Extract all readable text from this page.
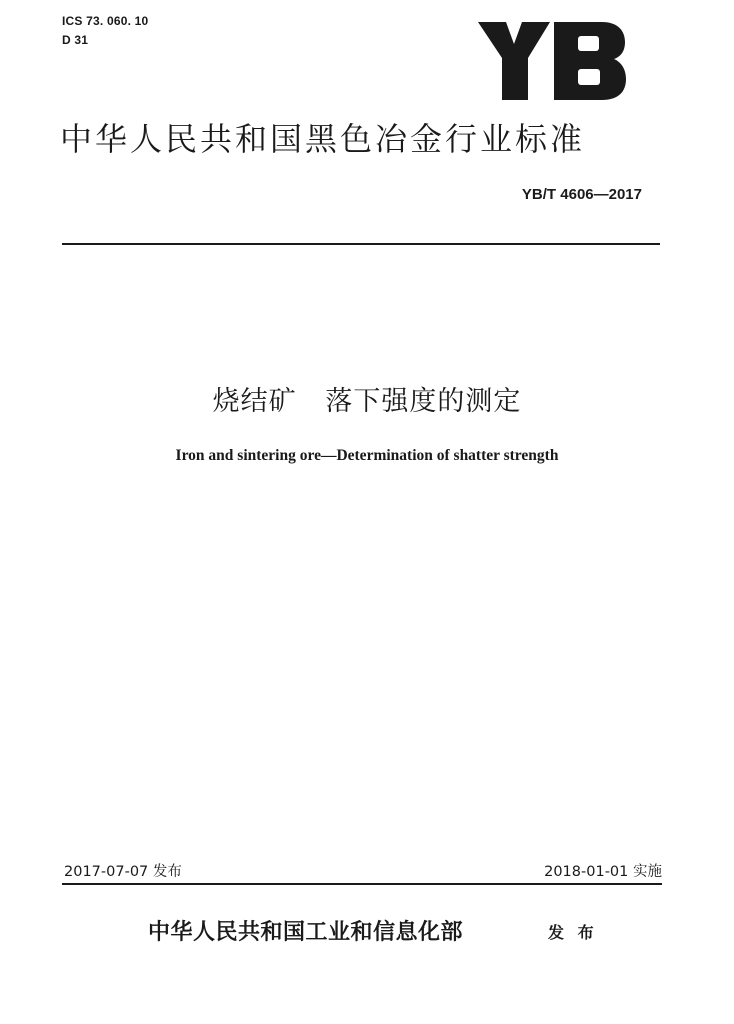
ICS 73. 060. 10
D 31
中华人民共和国黑色冶金行业标准
YB/T 4606—2017
烧结矿   落下强度的测定
Iron and sintering ore—Determination of shatter strength
2017-07-07 发布	2018-01-01 实施
中华人民共和国工业和信息化部	发 布
